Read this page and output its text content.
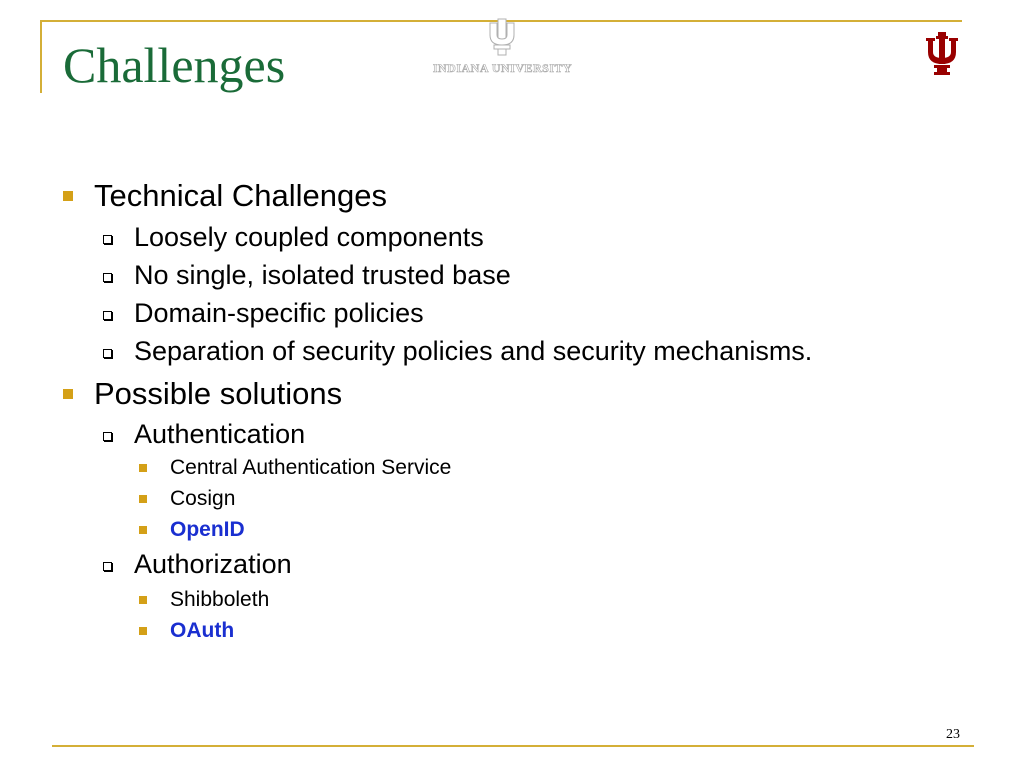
Challenges	INDIANA UNIVERSITY
Technical Challenges
Loosely coupled components
No single, isolated trusted base
Domain-specific policies
Separation of security policies and security mechanisms.
Possible solutions
Authentication
Central Authentication Service
Cosign
OpenID
Authorization
Shibboleth
OAuth
23
